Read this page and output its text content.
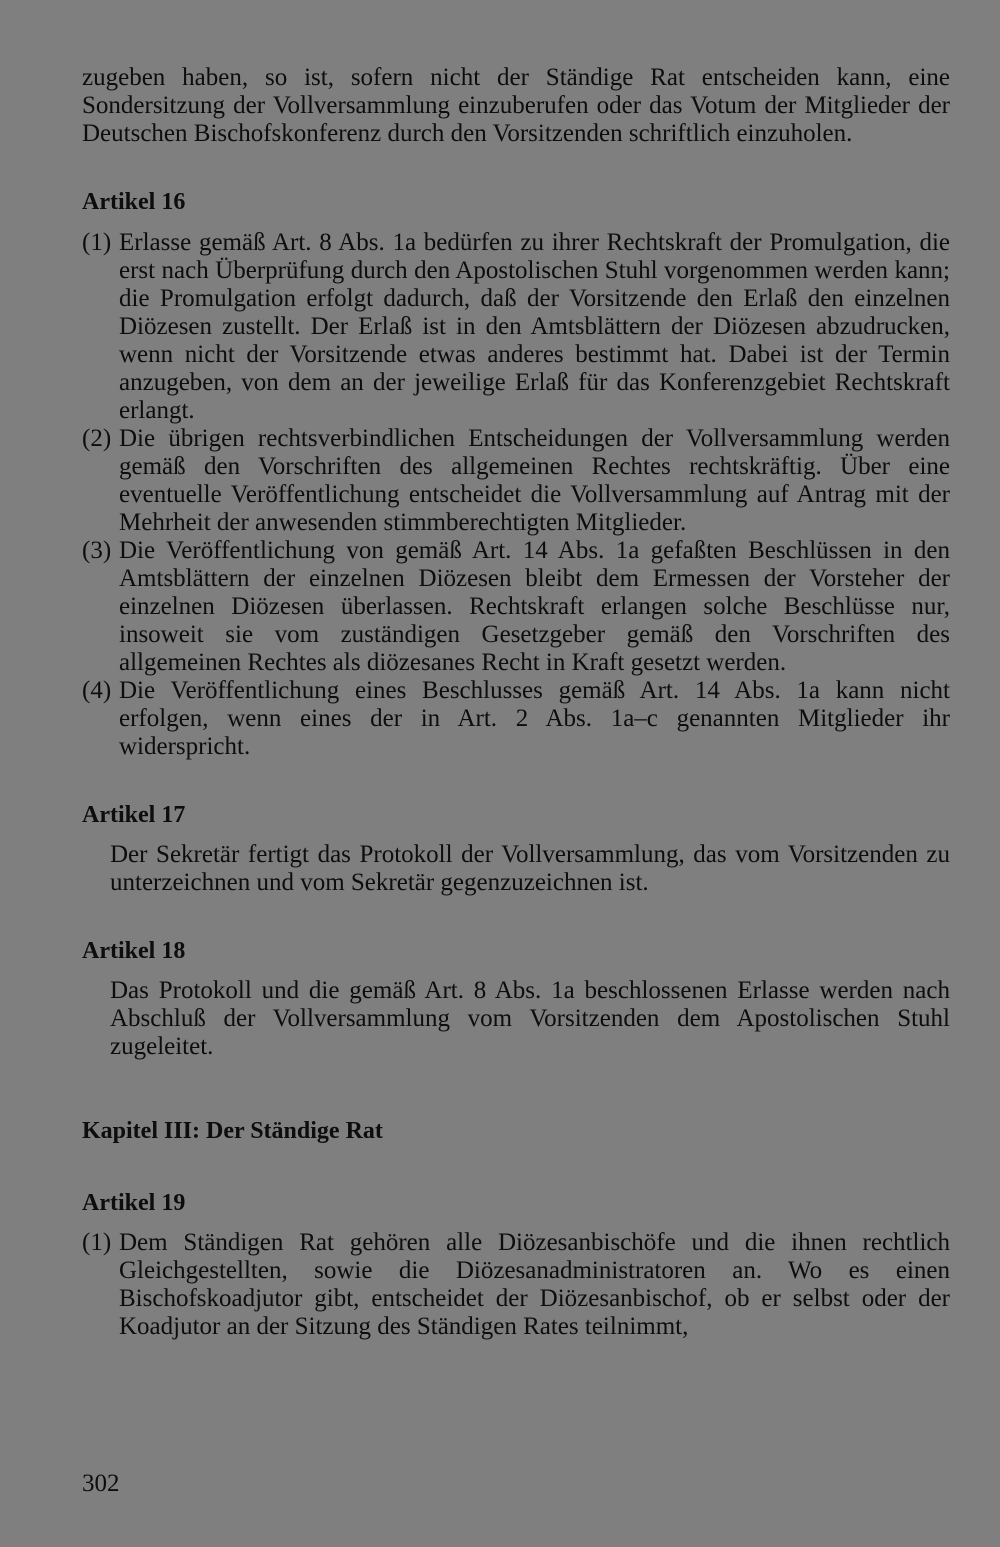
zugeben haben, so ist, sofern nicht der Ständige Rat entscheiden kann, eine Sondersitzung der Vollversammlung einzuberufen oder das Votum der Mitglieder der Deutschen Bischofskonferenz durch den Vorsitzenden schriftlich einzuholen.

Artikel 16
(1) Erlasse gemäß Art. 8 Abs. 1a bedürfen zu ihrer Rechtskraft der Promulgation, die erst nach Überprüfung durch den Apostolischen Stuhl vorgenommen werden kann; die Promulgation erfolgt dadurch, daß der Vorsitzende den Erlaß den einzelnen Diözesen zustellt. Der Erlaß ist in den Amtsblättern der Diözesen abzudrucken, wenn nicht der Vorsitzende etwas anderes bestimmt hat. Dabei ist der Termin anzugeben, von dem an der jeweilige Erlaß für das Konferenzgebiet Rechtskraft erlangt.

(2) Die übrigen rechtsverbindlichen Entscheidungen der Vollversammlung werden gemäß den Vorschriften des allgemeinen Rechtes rechtskräftig. Über eine eventuelle Veröffentlichung entscheidet die Vollversammlung auf Antrag mit der Mehrheit der anwesenden stimmberechtigten Mitglieder.

(3) Die Veröffentlichung von gemäß Art. 14 Abs. 1a gefaßten Beschlüssen in den Amtsblättern der einzelnen Diözesen bleibt dem Ermessen der Vorsteher der einzelnen Diözesen überlassen. Rechtskraft erlangen solche Beschlüsse nur, insoweit sie vom zuständigen Gesetzgeber gemäß den Vorschriften des allgemeinen Rechtes als diözesanes Recht in Kraft gesetzt werden.

(4) Die Veröffentlichung eines Beschlusses gemäß Art. 14 Abs. 1a kann nicht erfolgen, wenn eines der in Art. 2 Abs. 1a–c genannten Mitglieder ihr widerspricht.

Artikel 17

Der Sekretär fertigt das Protokoll der Vollversammlung, das vom Vorsitzenden zu unterzeichnen und vom Sekretär gegenzuzeichnen ist.

Artikel 18

Das Protokoll und die gemäß Art. 8 Abs. 1a beschlossenen Erlasse werden nach Abschluß der Vollversammlung vom Vorsitzenden dem Apostolischen Stuhl zugeleitet.

Kapitel III: Der Ständige Rat
Artikel 19
(1) Dem Ständigen Rat gehören alle Diözesanbischöfe und die ihnen rechtlich Gleichgestellten, sowie die Diözesanadministratoren an. Wo es einen Bischofskoadjutor gibt, entscheidet der Diözesanbischof, ob er selbst oder der Koadjutor an der Sitzung des Ständigen Rates teilnimmt,

302
